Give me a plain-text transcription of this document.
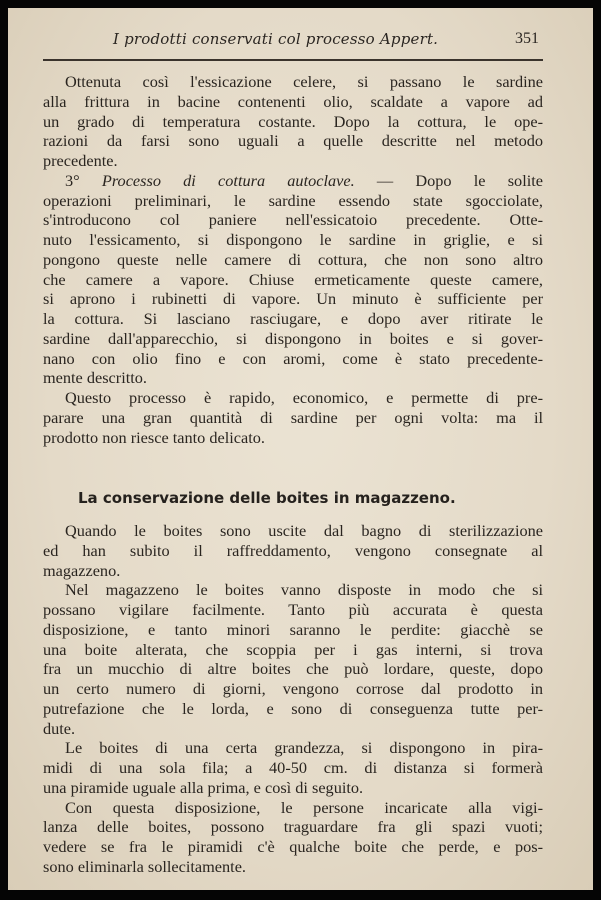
I prodotti conservati col processo Appert.	351
Ottenuta così l'essicazione celere, si passano le sardine
alla frittura in bacine contenenti olio, scaldate a vapore ad
un grado di temperatura costante. Dopo la cottura, le ope-
razioni da farsi sono uguali a quelle descritte nel metodo
precedente.
3° Processo di cottura autoclave. — Dopo le solite
operazioni preliminari, le sardine essendo state sgocciolate,
s'introducono col paniere nell'essicatoio precedente. Otte-
nuto l'essicamento, si dispongono le sardine in griglie, e si
pongono queste nelle camere di cottura, che non sono altro
che camere a vapore. Chiuse ermeticamente queste camere,
si aprono i rubinetti di vapore. Un minuto è sufficiente per
la cottura. Si lasciano rasciugare, e dopo aver ritirate le
sardine dall'apparecchio, si dispongono in boites e si gover-
nano con olio fino e con aromi, come è stato precedente-
mente descritto.
Questo processo è rapido, economico, e permette di pre-
parare una gran quantità di sardine per ogni volta: ma il
prodotto non riesce tanto delicato.
La conservazione delle boites in magazzeno.
Quando le boites sono uscite dal bagno di sterilizzazione
ed han subito il raffreddamento, vengono consegnate al
magazzeno.
Nel magazzeno le boites vanno disposte in modo che si
possano vigilare facilmente. Tanto più accurata è questa
disposizione, e tanto minori saranno le perdite: giacchè se
una boite alterata, che scoppia per i gas interni, si trova
fra un mucchio di altre boites che può lordare, queste, dopo
un certo numero di giorni, vengono corrose dal prodotto in
putrefazione che le lorda, e sono di conseguenza tutte per-
dute.
Le boites di una certa grandezza, si dispongono in pira-
midi di una sola fila; a 40-50 cm. di distanza si formerà
una piramide uguale alla prima, e così di seguito.
Con questa disposizione, le persone incaricate alla vigi-
lanza delle boites, possono traguardare fra gli spazi vuoti;
vedere se fra le piramidi c'è qualche boite che perde, e pos-
sono eliminarla sollecitamente.
